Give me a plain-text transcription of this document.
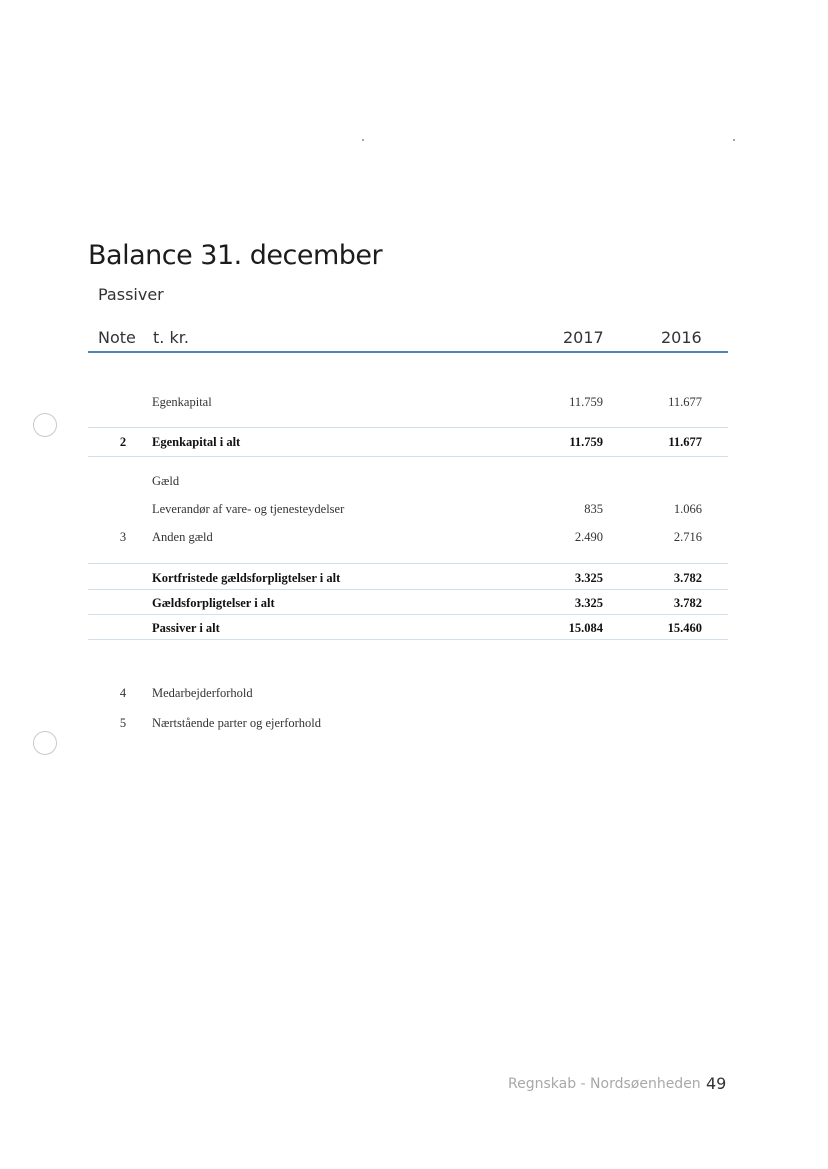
Balance 31. december
Passiver
Note t. kr.	2017	2016
Egenkapital	11.759	11.677
2 Egenkapital i alt	11.759	11.677
Gæld
Leverandør af vare- og tjenesteydelser	835	1.066
3 Anden gæld	2.490	2.716
Kortfristede gældsforpligtelser i alt	3.325	3.782
Gældsforpligtelser i alt	3.325	3.782
Passiver i alt	15.084	15.460
4 Medarbejderforhold
5 Nærtstående parter og ejerforhold
Regnskab - Nordsøenheden 49
